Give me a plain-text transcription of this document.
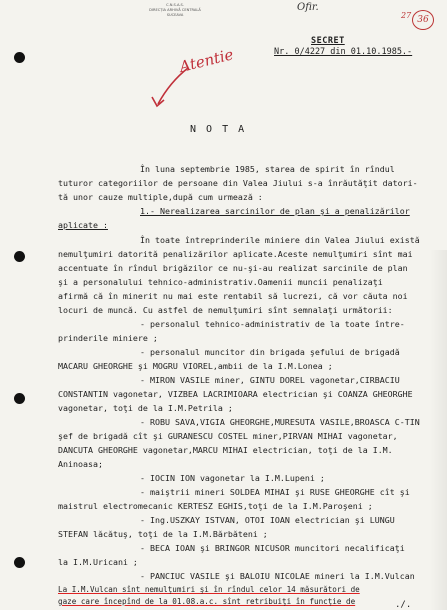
C.N.S.A.S.
DIRECȚIA ARHIVĂ CENTRALĂ
SUCEAVA
Ofir.
27 36
SECRET
Nr. 0/4227 din 01.10.1985.-
Atentie
N O T A
În luna septembrie 1985, starea de spirit în rîndul
tuturor categoriilor de persoane din Valea Jiului s-a înrăutăţit datori-
tă unor cauze multiple,după cum urmează :
1.- Nerealizarea sarcinilor de plan şi a penalizărilor
aplicate :
În toate întreprinderile miniere din Valea Jiului există
nemulţumiri datorită penalizărilor aplicate.Aceste nemulţumiri sînt mai
accentuate în rîndul brigăzilor ce nu-şi-au realizat sarcinile de plan
şi a personalului tehnico-administrativ.Oamenii muncii penalizaţi
afirmă că în minerit nu mai este rentabil să lucrezi, că vor căuta noi
locuri de muncă. Cu astfel de nemulţumiri sînt semnalaţi următorii:
- personalul tehnico-administrativ de la toate între-
prinderile miniere ;
- personalul muncitor din brigada şefului de brigadă
MACARU GHEORGHE şi MOGRU VIOREL,ambii de la I.M.Lonea ;
- MIRON VASILE miner, GINTU DOREL vagonetar,CIRBACIU
CONSTANTIN vagonetar, VIZBEA LACRIMIOARA electrician şi COANZA GHEORGHE
vagonetar, toţi de la I.M.Petrila ;
- ROBU SAVA,VIGIA GHEORGHE,MURESUTA VASILE,BROASCA C-TIN
şef de brigadă cît şi GURANESCU COSTEL miner,PIRVAN MIHAI vagonetar,
DANCUTA GHEORGHE vagonetar,MARCU MIHAI electrician, toţi de la I.M.
Aninoasa;
- IOCIN ION vagonetar la I.M.Lupeni ;
- maiştrii mineri SOLDEA MIHAI şi RUSE GHEORGHE cît şi
maistrul electromecanic KERTESZ EGHIS,toţi de la I.M.Paroşeni ;
- Ing.USZKAY ISTVAN, OTOI IOAN electrician şi LUNGU
STEFAN lăcătuş, toţi de la I.M.Bărbăteni ;
- BECA IOAN şi BRINGOR NICUSOR muncitori necalificaţi
la I.M.Uricani ;
- PANCIUC VASILE şi BALOIU NICOLAE mineri la I.M.Vulcan
La I.M.Vulcan sînt nemulţumiri şi în rîndul celor 14 măsurători de
gaze care începînd de la 01.08.a.c. sînt retribuiţi în funcţie de	./.
